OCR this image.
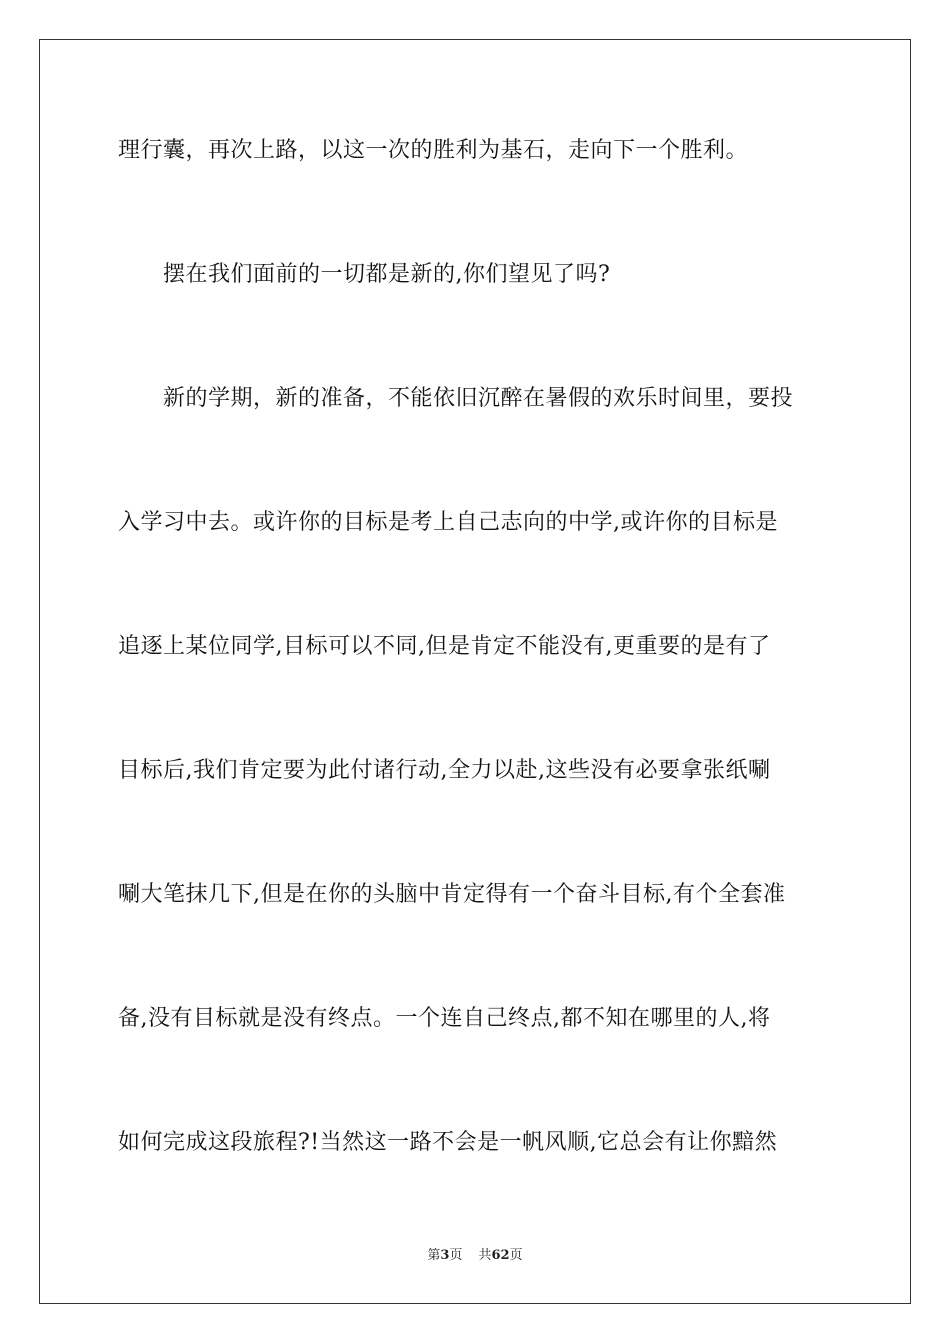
理行囊，再次上路，以这一次的胜利为基石，走向下一个胜利。
摆在我们面前的一切都是新的,你们望见了吗?
新的学期，新的准备，不能依旧沉醉在暑假的欢乐时间里，要投
入学习中去。或许你的目标是考上自己志向的中学,或许你的目标是
追逐上某位同学,目标可以不同,但是肯定不能没有,更重要的是有了
目标后,我们肯定要为此付诸行动,全力以赴,这些没有必要拿张纸唰
唰大笔抹几下,但是在你的头脑中肯定得有一个奋斗目标,有个全套准
备,没有目标就是没有终点。一个连自己终点,都不知在哪里的人,将
如何完成这段旅程?!当然这一路不会是一帆风顺,它总会有让你黯然
第3页 共62页
